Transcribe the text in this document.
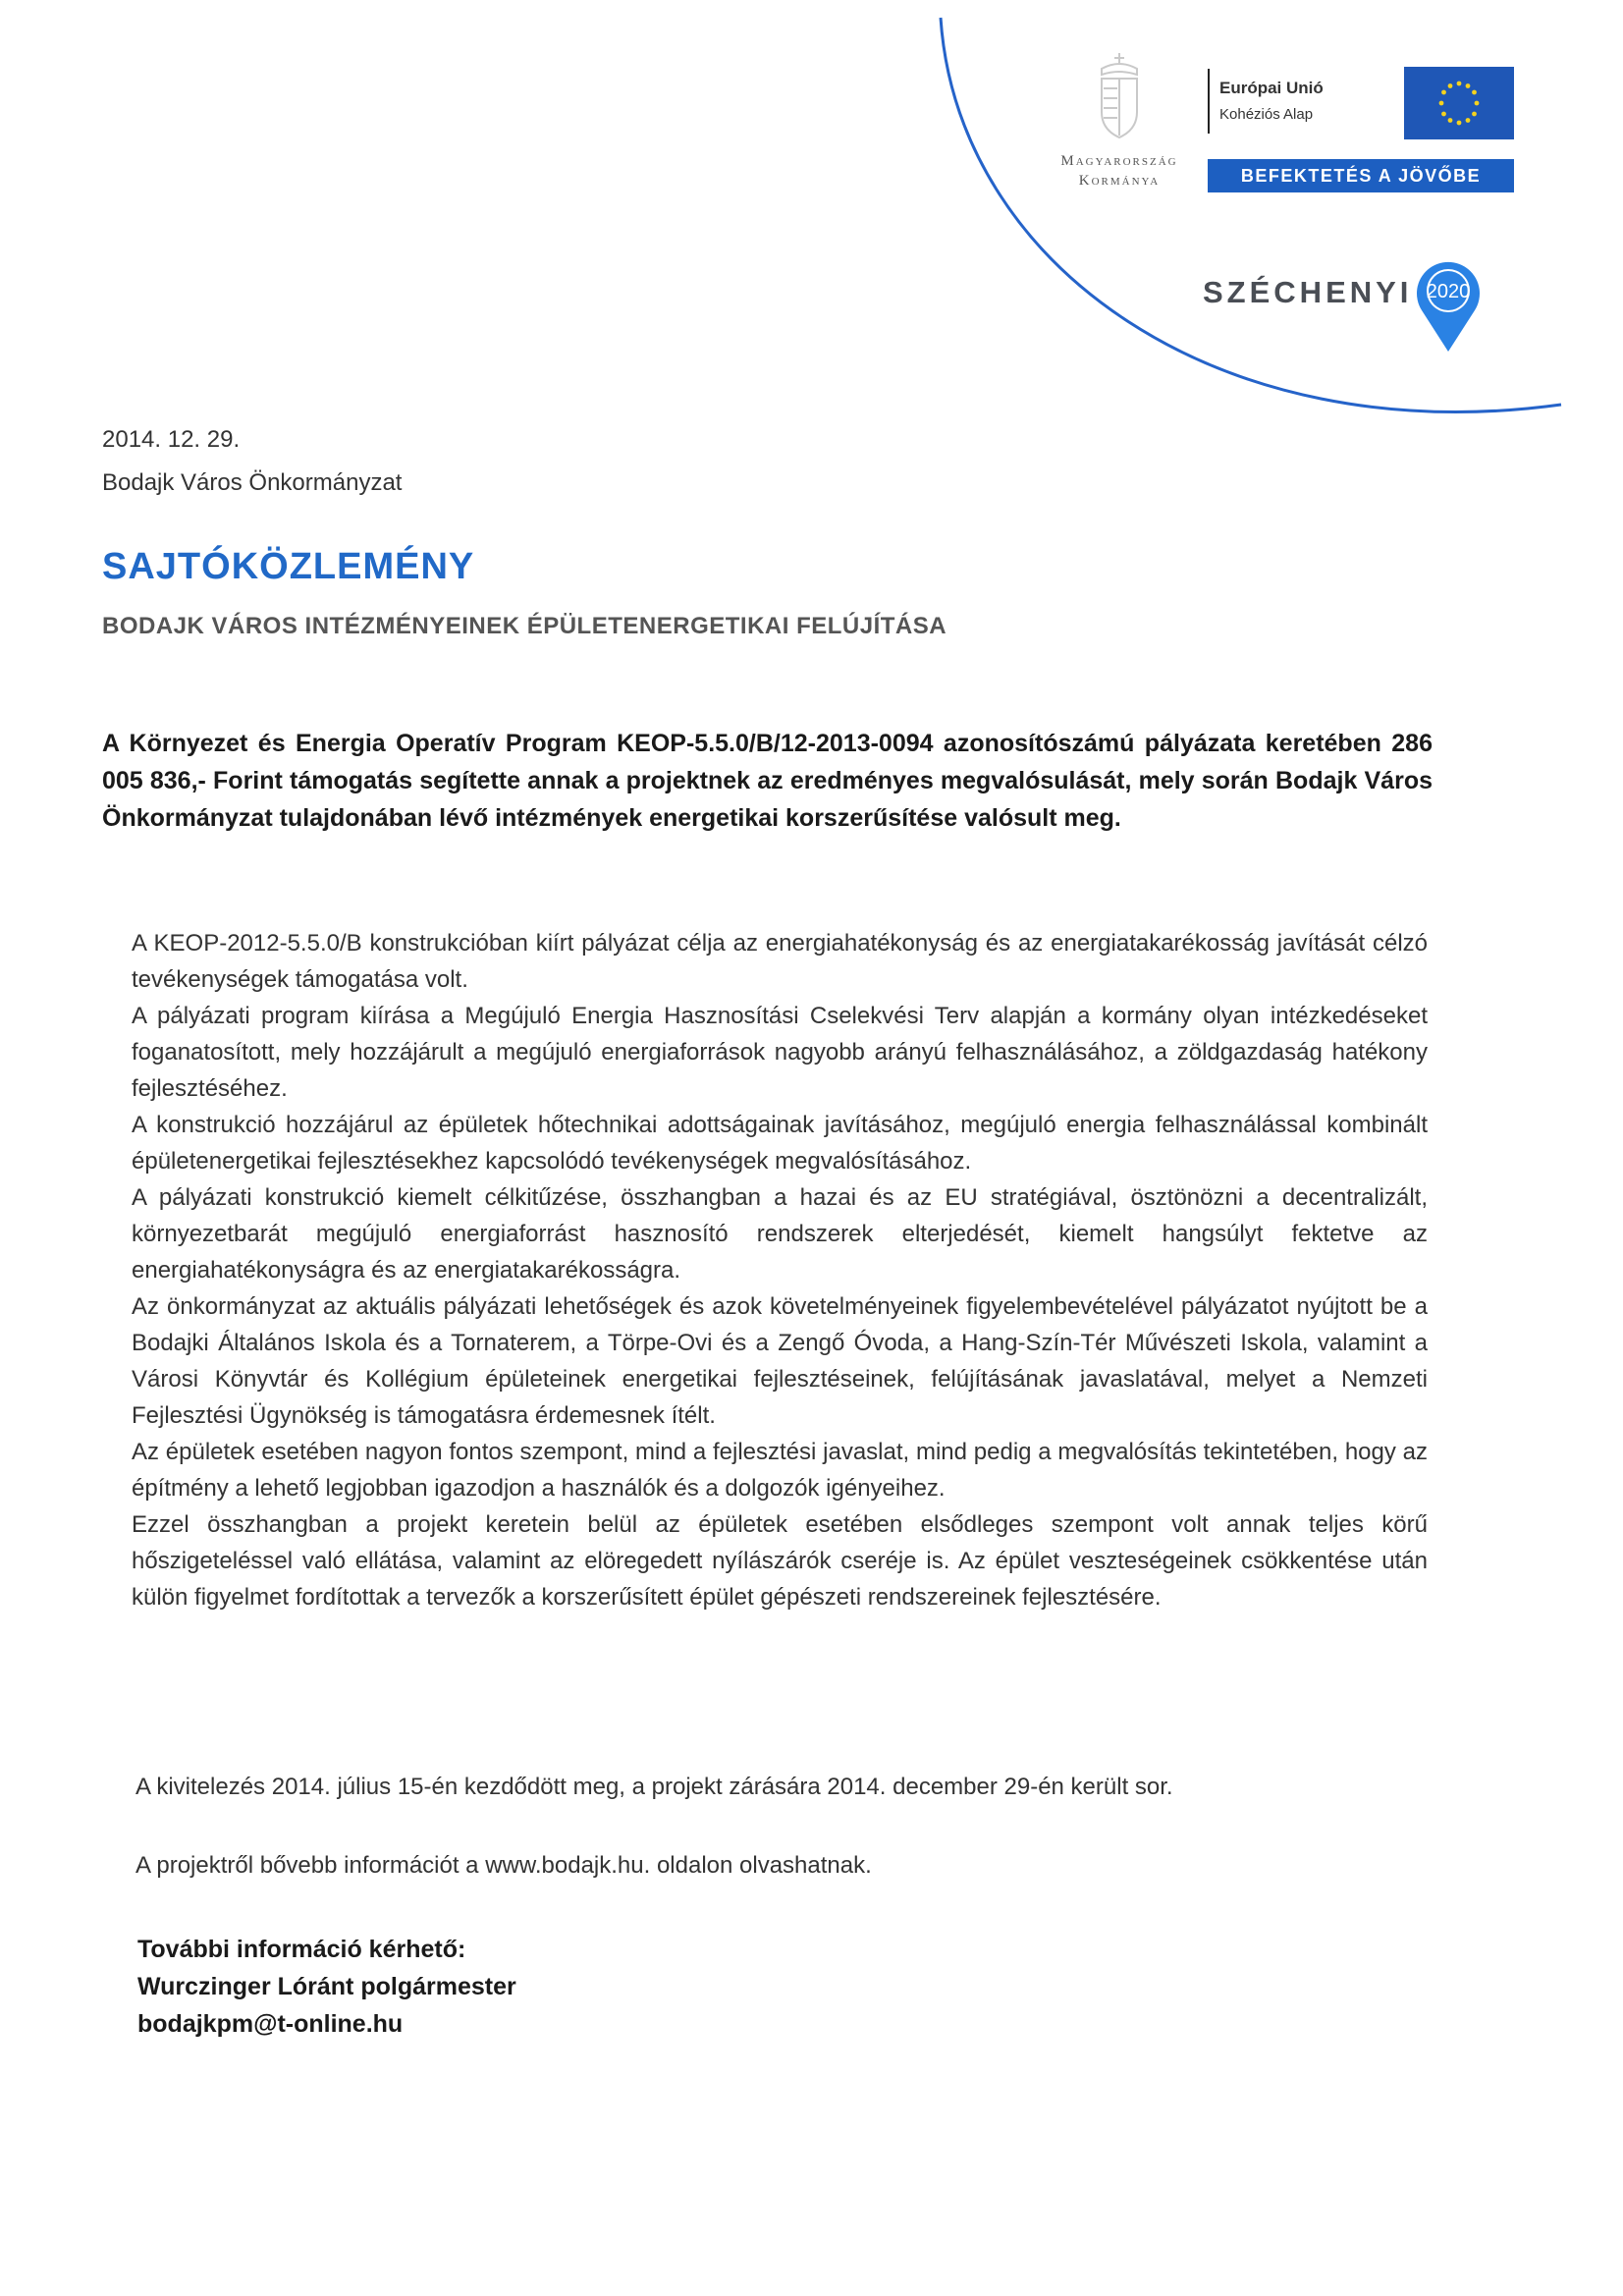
Magyarország
Kormánya
Európai Unió
Kohéziós Alap
BEFEKTETÉS A JÖVŐBE
SZÉCHENYI 2020
2014. 12. 29.
Bodajk Város Önkormányzat
SAJTÓKÖZLEMÉNY
BODAJK VÁROS INTÉZMÉNYEINEK ÉPÜLETENERGETIKAI FELÚJÍTÁSA
A Környezet és Energia Operatív Program KEOP-5.5.0/B/12-2013-0094 azonosítószámú pályázata keretében 286 005 836,- Forint támogatás segítette annak a projektnek az eredményes megvalósulását, mely során Bodajk Város Önkormányzat tulajdonában lévő intézmények energetikai korszerűsítése valósult meg.

A KEOP-2012-5.5.0/B konstrukcióban kiírt pályázat célja az energiahatékonyság és az energiatakarékosság javítását célzó tevékenységek támogatása volt.

A pályázati program kiírása a Megújuló Energia Hasznosítási Cselekvési Terv alapján a kormány olyan intézkedéseket foganatosított, mely hozzájárult a megújuló energiaforrások nagyobb arányú felhasználásához, a zöldgazdaság hatékony fejlesztéséhez.

A konstrukció hozzájárul az épületek hőtechnikai adottságainak javításához, megújuló energia felhasználással kombinált épületenergetikai fejlesztésekhez kapcsolódó tevékenységek megvalósításához.

A pályázati konstrukció kiemelt célkitűzése, összhangban a hazai és az EU stratégiával, ösztönözni a decentralizált, környezetbarát megújuló energiaforrást hasznosító rendszerek elterjedését, kiemelt hangsúlyt fektetve az energiahatékonyságra és az energiatakarékosságra.

Az önkormányzat az aktuális pályázati lehetőségek és azok követelményeinek figyelembevételével pályázatot nyújtott be a Bodajki Általános Iskola és a Tornaterem, a Törpe-Ovi és a Zengő Óvoda, a Hang-Szín-Tér Művészeti Iskola, valamint a Városi Könyvtár és Kollégium épületeinek energetikai fejlesztéseinek, felújításának javaslatával, melyet a Nemzeti Fejlesztési Ügynökség is támogatásra érdemesnek ítélt.

Az épületek esetében nagyon fontos szempont, mind a fejlesztési javaslat, mind pedig a megvalósítás tekintetében, hogy az építmény a lehető legjobban igazodjon a használók és a dolgozók igényeihez.

Ezzel összhangban a projekt keretein belül az épületek esetében elsődleges szempont volt annak teljes körű hőszigeteléssel való ellátása, valamint az elöregedett nyílászárók cseréje is. Az épület veszteségeinek csökkentése után külön figyelmet fordítottak a tervezők a korszerűsített épület gépészeti rendszereinek fejlesztésére.

A kivitelezés 2014. július 15-én kezdődött meg, a projekt zárására 2014. december 29-én került sor.
A projektről bővebb információt a www.bodajk.hu. oldalon olvashatnak.
További információ kérhető:
Wurczinger Lóránt polgármester
bodajkpm@t-online.hu
